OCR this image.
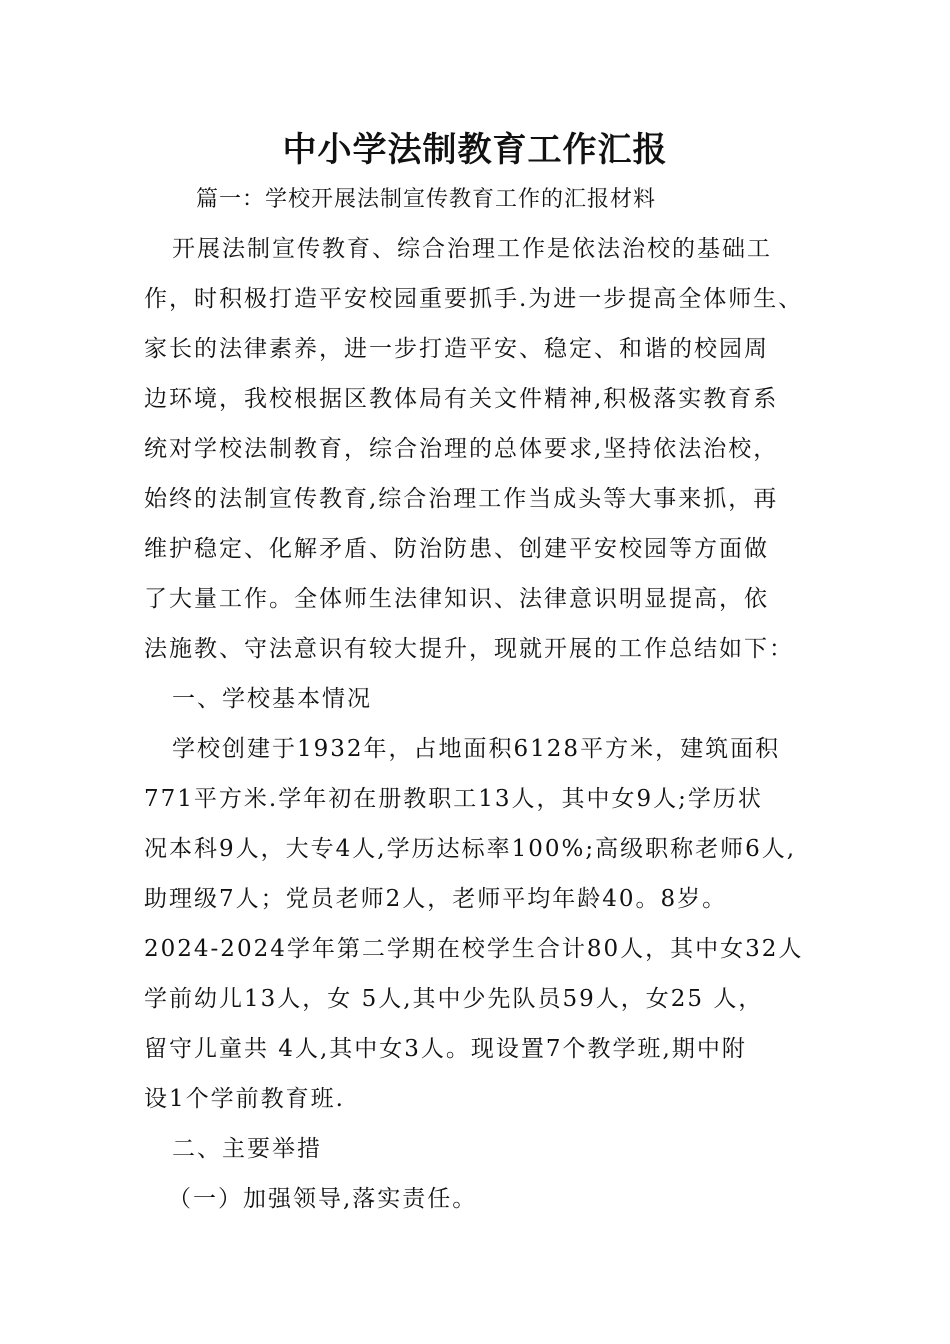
中小学法制教育工作汇报
篇一：学校开展法制宣传教育工作的汇报材料
开展法制宣传教育、综合治理工作是依法治校的基础工
作，时积极打造平安校园重要抓手.为进一步提高全体师生、
家长的法律素养，进一步打造平安、稳定、和谐的校园周
边环境，我校根据区教体局有关文件精神,积极落实教育系
统对学校法制教育，综合治理的总体要求,坚持依法治校，
始终的法制宣传教育,综合治理工作当成头等大事来抓，再
维护稳定、化解矛盾、防治防患、创建平安校园等方面做
了大量工作。全体师生法律知识、法律意识明显提高，依
法施教、守法意识有较大提升，现就开展的工作总结如下：
一、学校基本情况
学校创建于1932年，占地面积6128平方米，建筑面积
771平方米.学年初在册教职工13人，其中女9人;学历状
况本科9人，大专4人,学历达标率100%;高级职称老师6人,
助理级7人；党员老师2人，老师平均年龄40。8岁。
2024-2024学年第二学期在校学生合计80人，其中女32人
学前幼儿13人，女 5人,其中少先队员59人，女25 人，
留守儿童共 4人,其中女3人。现设置7个教学班,期中附
设1个学前教育班.
二、主要举措
（一）加强领导,落实责任。
